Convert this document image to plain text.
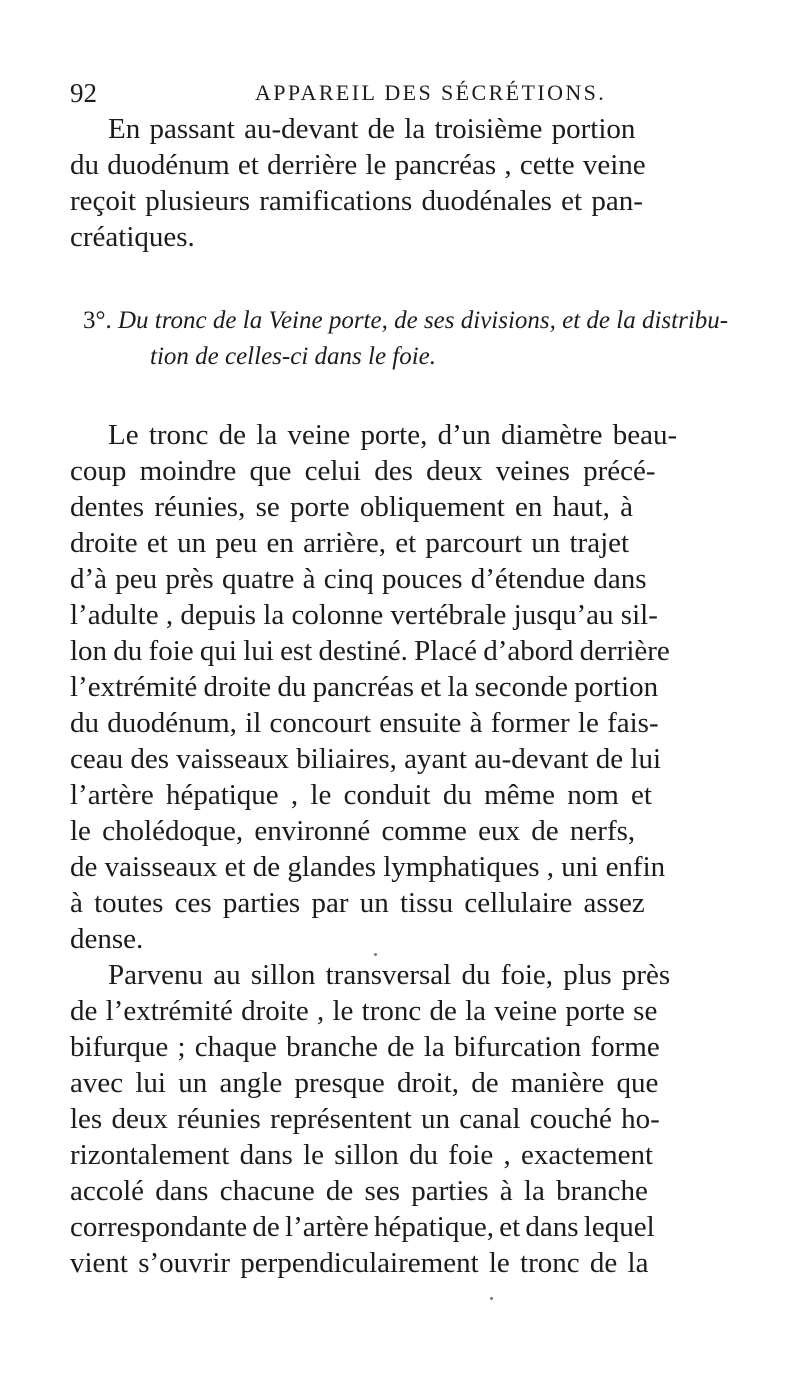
92	APPAREIL DES SÉCRÉTIONS.
En passant au-devant de la troisième portion
du duodénum et derrière le pancréas , cette veine
reçoit plusieurs ramifications duodénales et pan-
créatiques.
3°. Du tronc de la Veine porte, de ses divisions, et de la distribu-
tion de celles-ci dans le foie.
Le tronc de la veine porte, d’un diamètre beau-
coup moindre que celui des deux veines précé-
dentes réunies, se porte obliquement en haut, à
droite et un peu en arrière, et parcourt un trajet
d’à peu près quatre à cinq pouces d’étendue dans
l’adulte , depuis la colonne vertébrale jusqu’au sil-
lon du foie qui lui est destiné. Placé d’abord derrière
l’extrémité droite du pancréas et la seconde portion
du duodénum, il concourt ensuite à former le fais-
ceau des vaisseaux biliaires, ayant au-devant de lui
l’artère hépatique , le conduit du même nom et
le cholédoque, environné comme eux de nerfs,
de vaisseaux et de glandes lymphatiques , uni enfin
à toutes ces parties par un tissu cellulaire assez
dense.
Parvenu au sillon transversal du foie, plus près
de l’extrémité droite , le tronc de la veine porte se
bifurque ; chaque branche de la bifurcation forme
avec lui un angle presque droit, de manière que
les deux réunies représentent un canal couché ho-
rizontalement dans le sillon du foie , exactement
accolé dans chacune de ses parties à la branche
correspondante de l’artère hépatique, et dans lequel
vient s’ouvrir perpendiculairement le tronc de la
